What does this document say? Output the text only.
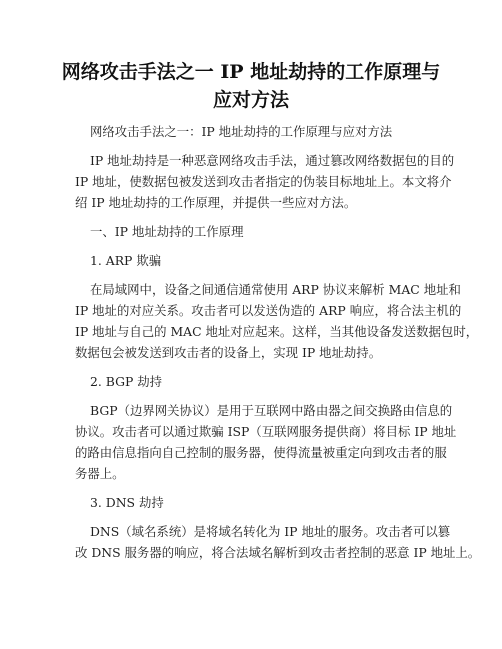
网络攻击手法之一 IP 地址劫持的工作原理与
应对方法
网络攻击手法之一：IP 地址劫持的工作原理与应对方法
IP 地址劫持是一种恶意网络攻击手法，通过篡改网络数据包的目的
IP 地址，使数据包被发送到攻击者指定的伪装目标地址上。本文将介
绍 IP 地址劫持的工作原理，并提供一些应对方法。
一、IP 地址劫持的工作原理
1. ARP 欺骗
在局域网中，设备之间通信通常使用 ARP 协议来解析 MAC 地址和
IP 地址的对应关系。攻击者可以发送伪造的 ARP 响应，将合法主机的
IP 地址与自己的 MAC 地址对应起来。这样，当其他设备发送数据包时，
数据包会被发送到攻击者的设备上，实现 IP 地址劫持。
2. BGP 劫持
BGP（边界网关协议）是用于互联网中路由器之间交换路由信息的
协议。攻击者可以通过欺骗 ISP（互联网服务提供商）将目标 IP 地址
的路由信息指向自己控制的服务器，使得流量被重定向到攻击者的服
务器上。
3. DNS 劫持
DNS（域名系统）是将域名转化为 IP 地址的服务。攻击者可以篡
改 DNS 服务器的响应，将合法域名解析到攻击者控制的恶意 IP 地址上。
